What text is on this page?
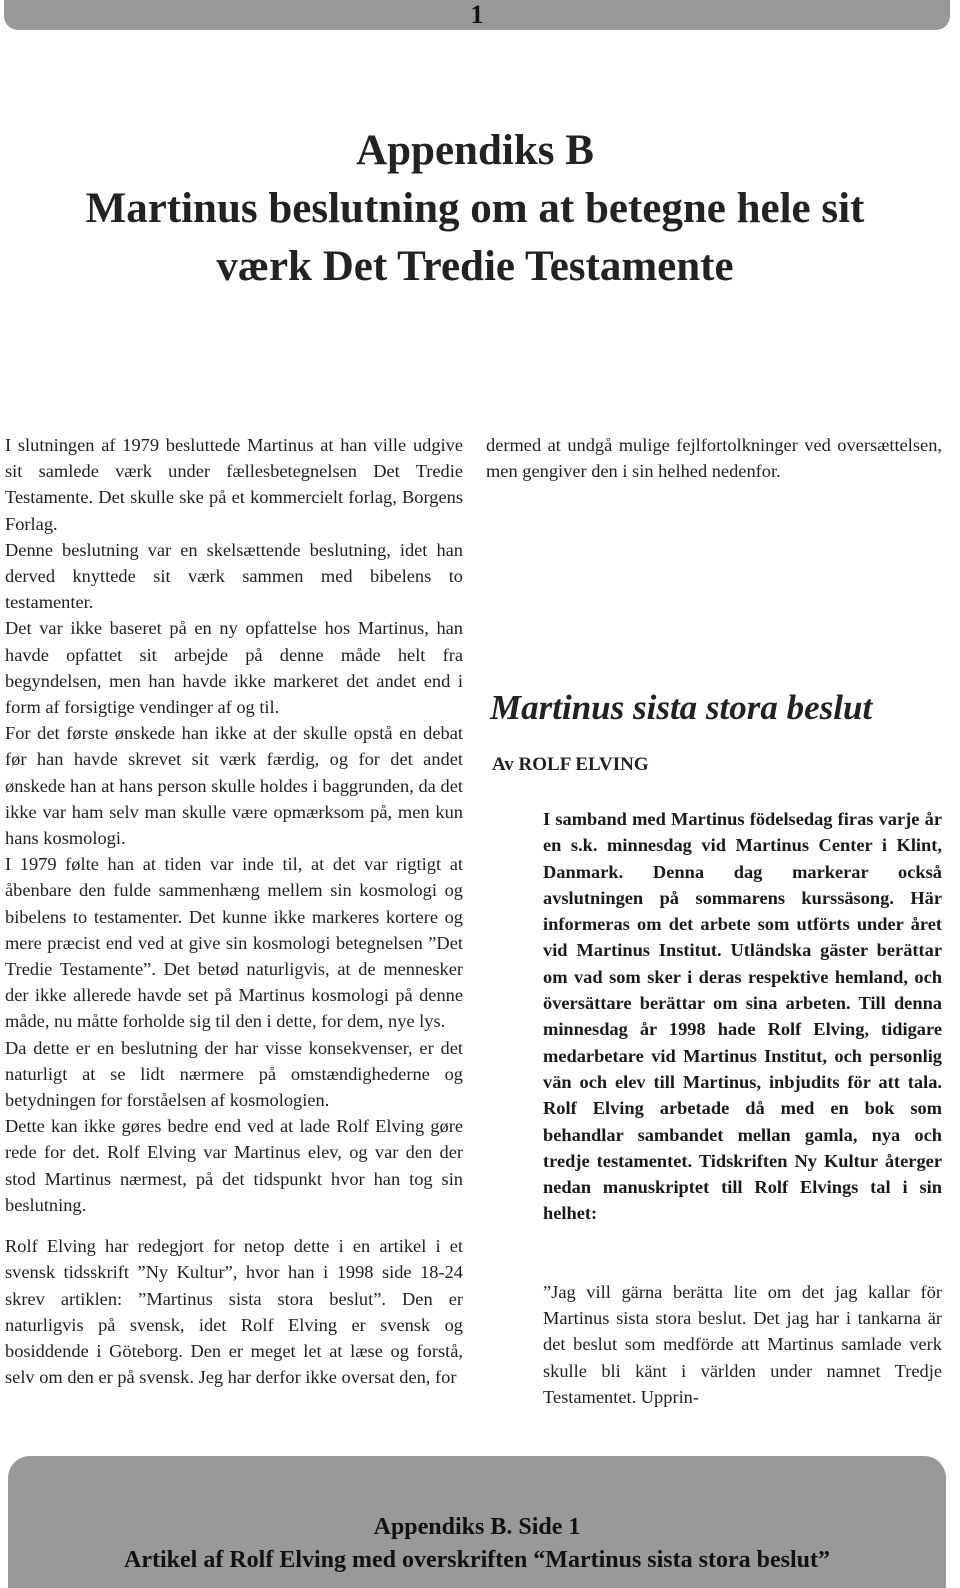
1
Appendiks B
Martinus beslutning om at betegne hele sit
værk Det Tredie Testamente

I slutningen af 1979 besluttede Martinus at han ville udgive sit samlede værk under fællesbetegnelsen Det Tredie Testamente. Det skulle ske på et kommercielt forlag, Borgens Forlag.

Denne beslutning var en skelsættende beslutning, idet han derved knyttede sit værk sammen med bibelens to testamenter.

Det var ikke baseret på en ny opfattelse hos Martinus, han havde opfattet sit arbejde på denne måde helt fra begyndelsen, men han havde ikke markeret det andet end i form af forsigtige vendinger af og til.

For det første ønskede han ikke at der skulle opstå en debat før han havde skrevet sit værk færdig, og for det andet ønskede han at hans person skulle holdes i baggrunden, da det ikke var ham selv man skulle være opmærksom på, men kun hans kosmologi.

I 1979 følte han at tiden var inde til, at det var rigtigt at åbenbare den fulde sammenhæng mellem sin kosmologi og bibelens to testamenter. Det kunne ikke markeres kortere og mere præcist end ved at give sin kosmologi betegnelsen ”Det Tredie Testamente”. Det betød naturligvis, at de mennesker der ikke allerede havde set på Martinus kosmologi på denne måde, nu måtte forholde sig til den i dette, for dem, nye lys.

Da dette er en beslutning der har visse konsekvenser, er det naturligt at se lidt nærmere på omstændighederne og betydningen for forståelsen af kosmologien.

Dette kan ikke gøres bedre end ved at lade Rolf Elving gøre rede for det. Rolf Elving var Martinus elev, og var den der stod Martinus nærmest, på det tidspunkt hvor han tog sin beslutning.

Rolf Elving har redegjort for netop dette i en artikel i et svensk tidsskrift ”Ny Kultur”, hvor han i 1998 side 18-24 skrev artiklen: ”Martinus sista stora beslut”. Den er naturligvis på svensk, idet Rolf Elving er svensk og bosiddende i Göteborg. Den er meget let at læse og forstå, selv om den er på svensk. Jeg har derfor ikke oversat den, for

Martinus sista stora beslut
Av ROLF ELVING

I samband med Martinus födelsedag firas varje år en s.k. minnesdag vid Martinus Center i Klint, Danmark. Denna dag markerar också avslutningen på sommarens kurssäsong. Här informeras om det arbete som utförts under året vid Martinus Institut. Utländska gäster berättar om vad som sker i deras respektive hemland, och översättare berättar om sina arbeten. Till denna minnesdag år 1998 hade Rolf Elving, tidigare medarbetare vid Martinus Institut, och personlig vän och elev till Martinus, inbjudits för att tala. Rolf Elving arbetade då med en bok som behandlar sambandet mellan gamla, nya och tredje testamentet. Tidskriften Ny Kultur återger nedan manuskriptet till Rolf Elvings tal i sin helhet:

”Jag vill gärna berätta lite om det jag kallar för Martinus sista stora beslut. Det jag har i tankarna är det beslut som medförde att Martinus samlade verk skulle bli känt i världen under namnet Tredje Testamentet. Upprin-

Appendiks B. Side 1
Artikel af Rolf Elving med overskriften “Martinus sista stora beslut”

dermed at undgå mulige fejlfortolkninger ved oversættelsen, men gengiver den i sin helhed nedenfor.
